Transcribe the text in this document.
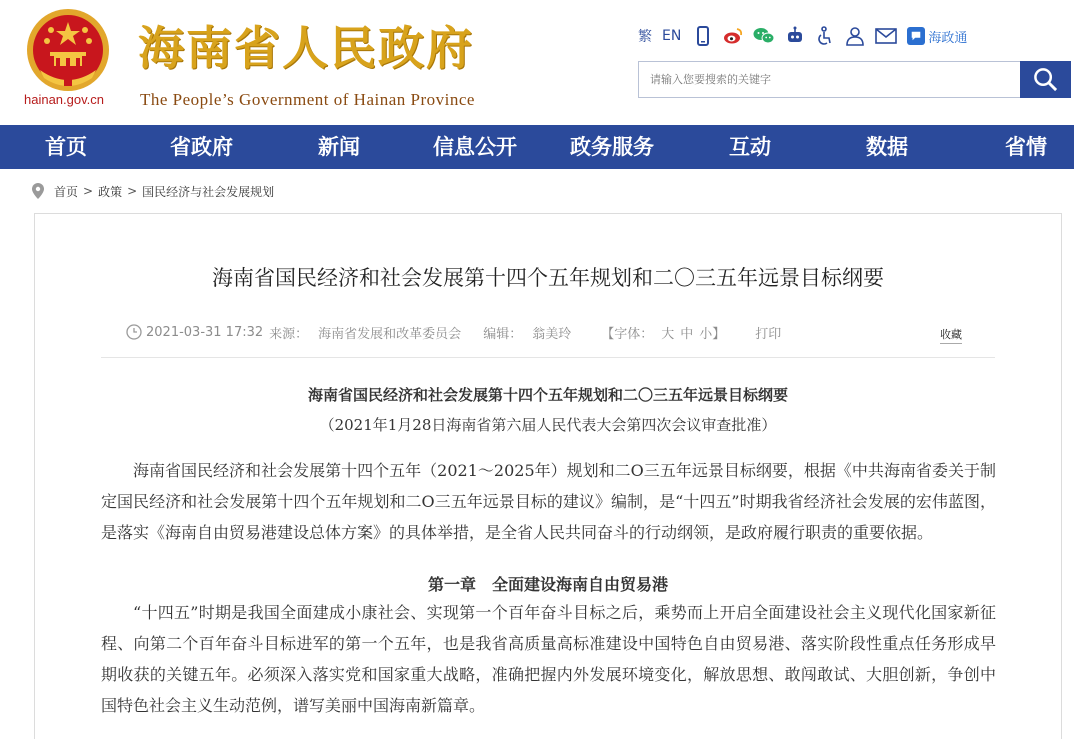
hainan.gov.cn
海南省人民政府
The People’s Government of Hainan Province
繁 EN	海政通
请输入您要搜索的关键字
首页	省政府	新闻	信息公开	政务服务	互动	数据	省情
首页 > 政策 > 国民经济与社会发展规划
海南省国民经济和社会发展第十四个五年规划和二〇三五年远景目标纲要
2021-03-31 17:32 来源： 海南省发展和改革委员会 编辑： 翁美玲 【字体： 大 中 小】 打印	收藏
海南省国民经济和社会发展第十四个五年规划和二〇三五年远景目标纲要
（2021年1月28日海南省第六届人民代表大会第四次会议审查批准）
海南省国民经济和社会发展第十四个五年（2021～2025年）规划和二O三五年远景目标纲要，根据《中共海南省委关于制定国民经济和社会发展第十四个五年规划和二O三五年远景目标的建议》编制，是“十四五”时期我省经济社会发展的宏伟蓝图，是落实《海南自由贸易港建设总体方案》的具体举措，是全省人民共同奋斗的行动纲领，是政府履行职责的重要依据。
第一章　全面建设海南自由贸易港
“十四五”时期是我国全面建成小康社会、实现第一个百年奋斗目标之后，乘势而上开启全面建设社会主义现代化国家新征程、向第二个百年奋斗目标进军的第一个五年，也是我省高质量高标准建设中国特色自由贸易港、落实阶段性重点任务形成早期收获的关键五年。必须深入落实党和国家重大战略，准确把握内外发展环境变化，解放思想、敢闯敢试、大胆创新，争创中国特色社会主义生动范例，谱写美丽中国海南新篇章。
